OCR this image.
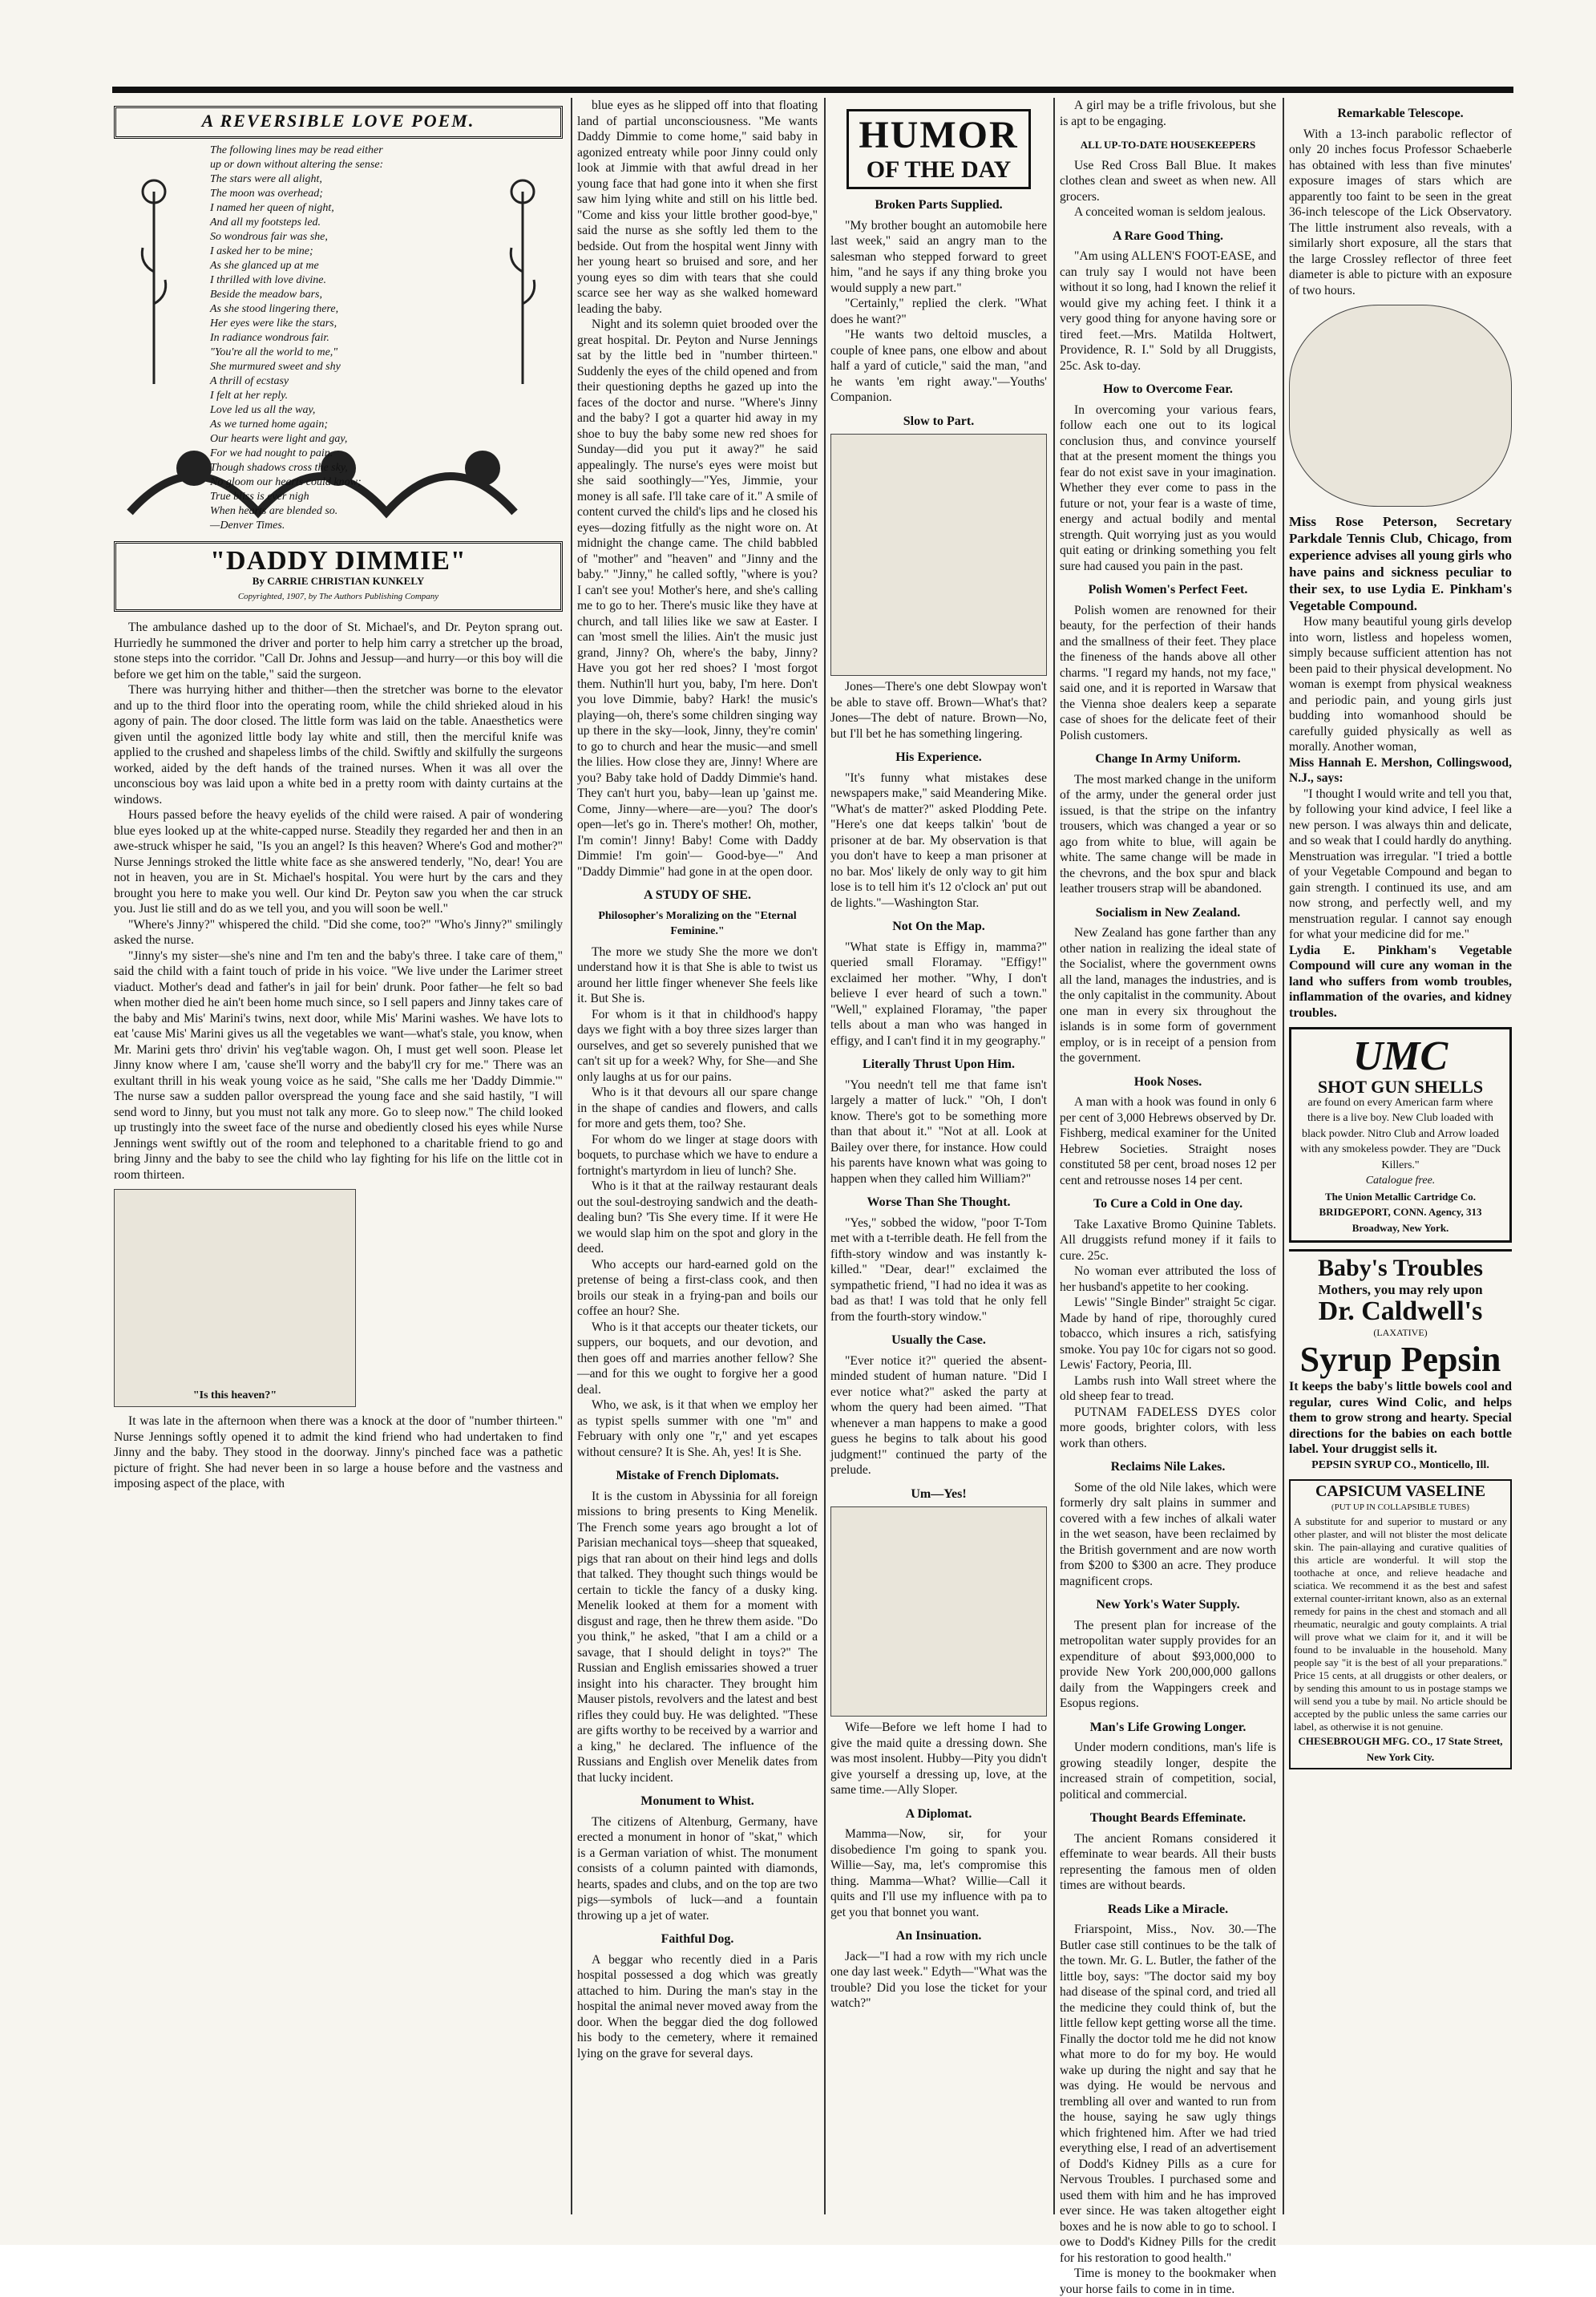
A REVERSIBLE LOVE POEM.
The following lines may be read either
up or down without altering the sense:
The stars were all alight,
The moon was overhead;
I named her queen of night,
And all my footsteps led.
So wondrous fair was she,
I asked her to be mine;
As she glanced up at me
I thrilled with love divine.
Beside the meadow bars,
As she stood lingering there,
Her eyes were like the stars,
In radiance wondrous fair.
"You're all the world to me,"
She murmured sweet and shy
A thrill of ecstasy
I felt at her reply.
Love led us all the way,
As we turned home again;
Our hearts were light and gay,
For we had nought to pain.
Though shadows cross the sky,
No gloom our hearts could know;
True bliss is ever nigh
When hearts are blended so.
—Denver Times.
"DADDY DIMMIE"
By CARRIE CHRISTIAN KUNKELY
Copyrighted, 1907, by The Authors Publishing Company

The ambulance dashed up to the door of St. Michael's, and Dr. Peyton sprang out. Hurriedly he summoned the driver and porter to help him carry a stretcher up the broad, stone steps into the corridor. "Call Dr. Johns and Jessup—and hurry—or this boy will die before we get him on the table," said the surgeon.

There was hurrying hither and thither—then the stretcher was borne to the elevator and up to the third floor into the operating room, while the child shrieked aloud in his agony of pain. The door closed. The little form was laid on the table. Anaesthetics were given until the agonized little body lay white and still, then the merciful knife was applied to the crushed and shapeless limbs of the child. Swiftly and skilfully the surgeons worked, aided by the deft hands of the trained nurses. When it was all over the unconscious boy was laid upon a white bed in a pretty room with dainty curtains at the windows.

Hours passed before the heavy eyelids of the child were raised. A pair of wondering blue eyes looked up at the white-capped nurse. Steadily they regarded her and then in an awe-struck whisper he said, "Is you an angel? Is this heaven? Where's God and mother?" Nurse Jennings stroked the little white face as she answered tenderly, "No, dear! You are not in heaven, you are in St. Michael's hospital. You were hurt by the cars and they brought you here to make you well. Our kind Dr. Peyton saw you when the car struck you. Just lie still and do as we tell you, and you will soon be well."

"Where's Jinny?" whispered the child. "Did she come, too?" "Who's Jinny?" smilingly asked the nurse.

"Jinny's my sister—she's nine and I'm ten and the baby's three. I take care of them," said the child with a faint touch of pride in his voice. "We live under the Larimer street viaduct. Mother's dead and father's in jail for bein' drunk. Poor father—he felt so bad when mother died he ain't been home much since, so I sell papers and Jinny takes care of the baby and Mis' Marini's twins, next door, while Mis' Marini washes. We have lots to eat 'cause Mis' Marini gives us all the vegetables we want—what's stale, you know, when Mr. Marini gets thro' drivin' his veg'table wagon. Oh, I must get well soon. Please let Jinny know where I am, 'cause she'll worry and the baby'll cry for me." There was an exultant thrill in his weak young voice as he said, "She calls me her 'Daddy Dimmie.'" The nurse saw a sudden pallor overspread the young face and she said hastily, "I will send word to Jinny, but you must not talk any more. Go to sleep now." The child looked up trustingly into the sweet face of the nurse and obediently closed his eyes while Nurse Jennings went swiftly out of the room and telephoned to a charitable friend to go and bring Jinny and the baby to see the child who lay fighting for his life on the little cot in room thirteen.

"Is this heaven?"

It was late in the afternoon when there was a knock at the door of "number thirteen." Nurse Jennings softly opened it to admit the kind friend who had undertaken to find Jinny and the baby. They stood in the doorway. Jinny's pinched face was a pathetic picture of fright. She had never been in so large a house before and the vastness and imposing aspect of the place, with

blue eyes as he slipped off into that floating land of partial unconsciousness. "Me wants Daddy Dimmie to come home," said baby in agonized entreaty while poor Jinny could only look at Jimmie with that awful dread in her young face that had gone into it when she first saw him lying white and still on his little bed. "Come and kiss your little brother good-bye," said the nurse as she softly led them to the bedside. Out from the hospital went Jinny with her young heart so bruised and sore, and her young eyes so dim with tears that she could scarce see her way as she walked homeward leading the baby.

Night and its solemn quiet brooded over the great hospital. Dr. Peyton and Nurse Jennings sat by the little bed in "number thirteen." Suddenly the eyes of the child opened and from their questioning depths he gazed up into the faces of the doctor and nurse. "Where's Jinny and the baby? I got a quarter hid away in my shoe to buy the baby some new red shoes for Sunday—did you put it away?" he said appealingly. The nurse's eyes were moist but she said soothingly—"Yes, Jimmie, your money is all safe. I'll take care of it." A smile of content curved the child's lips and he closed his eyes—dozing fitfully as the night wore on. At midnight the change came. The child babbled of "mother" and "heaven" and "Jinny and the baby." "Jinny," he called softly, "where is you? I can't see you! Mother's here, and she's calling me to go to her. There's music like they have at church, and tall lilies like we saw at Easter. I can 'most smell the lilies. Ain't the music just grand, Jinny? Oh, where's the baby, Jinny? Have you got her red shoes? I 'most forgot them. Nuthin'll hurt you, baby, I'm here. Don't you love Dimmie, baby? Hark! the music's playing—oh, there's some children singing way up there in the sky—look, Jinny, they're comin' to go to church and hear the music—and smell the lilies. How close they are, Jinny! Where are you? Baby take hold of Daddy Dimmie's hand. They can't hurt you, baby—lean up 'gainst me. Come, Jinny—where—are—you? The door's open—let's go in. There's mother! Oh, mother, I'm comin'! Jinny! Baby! Come with Daddy Dimmie! I'm goin'— Good-bye—" And "Daddy Dimmie" had gone in at the open door.

A STUDY OF SHE.
Philosopher's Moralizing on the "Eternal Feminine."

The more we study She the more we don't understand how it is that She is able to twist us around her little finger whenever She feels like it. But She is.

For whom is it that in childhood's happy days we fight with a boy three sizes larger than ourselves, and get so severely punished that we can't sit up for a week? Why, for She—and She only laughs at us for our pains.

Who is it that devours all our spare change in the shape of candies and flowers, and calls for more and gets them, too? She.

For whom do we linger at stage doors with boquets, to purchase which we have to endure a fortnight's martyrdom in lieu of lunch? She.

Who is it that at the railway restaurant deals out the soul-destroying sandwich and the death-dealing bun? 'Tis She every time. If it were He we would slap him on the spot and glory in the deed.

Who accepts our hard-earned gold on the pretense of being a first-class cook, and then broils our steak in a frying-pan and boils our coffee an hour? She.

Who is it that accepts our theater tickets, our suppers, our boquets, and our devotion, and then goes off and marries another fellow? She—and for this we ought to forgive her a good deal.

Who, we ask, is it that when we employ her as typist spells summer with one "m" and February with only one "r," and yet escapes without censure? It is She. Ah, yes! It is She.

Mistake of French Diplomats.

It is the custom in Abyssinia for all foreign missions to bring presents to King Menelik. The French some years ago brought a lot of Parisian mechanical toys—sheep that squeaked, pigs that ran about on their hind legs and dolls that talked. They thought such things would be certain to tickle the fancy of a dusky king. Menelik looked at them for a moment with disgust and rage, then he threw them aside. "Do you think," he asked, "that I am a child or a savage, that I should delight in toys?" The Russian and English emissaries showed a truer insight into his character. They brought him Mauser pistols, revolvers and the latest and best rifles they could buy. He was delighted. "These are gifts worthy to be received by a warrior and a king," he declared. The influence of the Russians and English over Menelik dates from that lucky incident.

Monument to Whist.

The citizens of Altenburg, Germany, have erected a monument in honor of "skat," which is a German variation of whist. The monument consists of a column painted with diamonds, hearts, spades and clubs, and on the top are two pigs—symbols of luck—and a fountain throwing up a jet of water.

Faithful Dog.

A beggar who recently died in a Paris hospital possessed a dog which was greatly attached to him. During the man's stay in the hospital the animal never moved away from the door. When the beggar died the dog followed his body to the cemetery, where it remained lying on the grave for several days.

HUMOR
OF THE DAY
Broken Parts Supplied.

"My brother bought an automobile here last week," said an angry man to the salesman who stepped forward to greet him, "and he says if any thing broke you would supply a new part."

"Certainly," replied the clerk. "What does he want?"

"He wants two deltoid muscles, a couple of knee pans, one elbow and about half a yard of cuticle," said the man, "and he wants 'em right away."—Youths' Companion.

Slow to Part.

Jones—There's one debt Slowpay won't be able to stave off. Brown—What's that? Jones—The debt of nature. Brown—No, but I'll bet he has something lingering.

His Experience.

"It's funny what mistakes dese newspapers make," said Meandering Mike. "What's de matter?" asked Plodding Pete. "Here's one dat keeps talkin' 'bout de prisoner at de bar. My observation is that you don't have to keep a man prisoner at no bar. Mos' likely de only way to git him lose is to tell him it's 12 o'clock an' put out de lights."—Washington Star.

Not On the Map.

"What state is Effigy in, mamma?" queried small Floramay. "Effigy!" exclaimed her mother. "Why, I don't believe I ever heard of such a town." "Well," explained Floramay, "the paper tells about a man who was hanged in effigy, and I can't find it in my geography."

Literally Thrust Upon Him.

"You needn't tell me that fame isn't largely a matter of luck." "Oh, I don't know. There's got to be something more than that about it." "Not at all. Look at Bailey over there, for instance. How could his parents have known what was going to happen when they called him William?"

Worse Than She Thought.

"Yes," sobbed the widow, "poor T-Tom met with a t-terrible death. He fell from the fifth-story window and was instantly k-killed." "Dear, dear!" exclaimed the sympathetic friend, "I had no idea it was as bad as that! I was told that he only fell from the fourth-story window."

Usually the Case.

"Ever notice it?" queried the absent-minded student of human nature. "Did I ever notice what?" asked the party at whom the query had been aimed. "That whenever a man happens to make a good guess he begins to talk about his good judgment!" continued the party of the prelude.

Um—Yes!

Wife—Before we left home I had to give the maid quite a dressing down. She was most insolent. Hubby—Pity you didn't give yourself a dressing up, love, at the same time.—Ally Sloper.

A Diplomat.

Mamma—Now, sir, for your disobedience I'm going to spank you. Willie—Say, ma, let's compromise this thing. Mamma—What? Willie—Call it quits and I'll use my influence with pa to get you that bonnet you want.

An Insinuation.

Jack—"I had a row with my rich uncle one day last week." Edyth—"What was the trouble? Did you lose the ticket for your watch?"

A girl may be a trifle frivolous, but she is apt to be engaging.

ALL UP-TO-DATE HOUSEKEEPERS

Use Red Cross Ball Blue. It makes clothes clean and sweet as when new. All grocers.

A conceited woman is seldom jealous.

A Rare Good Thing.

"Am using ALLEN'S FOOT-EASE, and can truly say I would not have been without it so long, had I known the relief it would give my aching feet. I think it a very good thing for anyone having sore or tired feet.—Mrs. Matilda Holtwert, Providence, R. I." Sold by all Druggists, 25c. Ask to-day.

How to Overcome Fear.

In overcoming your various fears, follow each one out to its logical conclusion thus, and convince yourself that at the present moment the things you fear do not exist save in your imagination. Whether they ever come to pass in the future or not, your fear is a waste of time, energy and actual bodily and mental strength. Quit worrying just as you would quit eating or drinking something you felt sure had caused you pain in the past.

Polish Women's Perfect Feet.

Polish women are renowned for their beauty, for the perfection of their hands and the smallness of their feet. They place the fineness of the hands above all other charms. "I regard my hands, not my face," said one, and it is reported in Warsaw that the Vienna shoe dealers keep a separate case of shoes for the delicate feet of their Polish customers.

Change In Army Uniform.

The most marked change in the uniform of the army, under the general order just issued, is that the stripe on the infantry trousers, which was changed a year or so ago from white to blue, will again be white. The same change will be made in the chevrons, and the box spur and black leather trousers strap will be abandoned.

Socialism in New Zealand.

New Zealand has gone farther than any other nation in realizing the ideal state of the Socialist, where the government owns all the land, manages the industries, and is the only capitalist in the community. About one man in every six throughout the islands is in some form of government employ, or is in receipt of a pension from the government.

Hook Noses.

A man with a hook was found in only 6 per cent of 3,000 Hebrews observed by Dr. Fishberg, medical examiner for the United Hebrew Societies. Straight noses constituted 58 per cent, broad noses 12 per cent and retrousse noses 14 per cent.

To Cure a Cold in One day.

Take Laxative Bromo Quinine Tablets. All druggists refund money if it fails to cure. 25c.

No woman ever attributed the loss of her husband's appetite to her cooking.

Lewis' "Single Binder" straight 5c cigar. Made by hand of ripe, thoroughly cured tobacco, which insures a rich, satisfying smoke. You pay 10c for cigars not so good. Lewis' Factory, Peoria, Ill.

Lambs rush into Wall street where the old sheep fear to tread.

PUTNAM FADELESS DYES color more goods, brighter colors, with less work than others.

Reclaims Nile Lakes.

Some of the old Nile lakes, which were formerly dry salt plains in summer and covered with a few inches of alkali water in the wet season, have been reclaimed by the British government and are now worth from $200 to $300 an acre. They produce magnificent crops.

New York's Water Supply.

The present plan for increase of the metropolitan water supply provides for an expenditure of about $93,000,000 to provide New York 200,000,000 gallons daily from the Wappingers creek and Esopus regions.

Man's Life Growing Longer.

Under modern conditions, man's life is growing steadily longer, despite the increased strain of competition, social, political and commercial.

Thought Beards Effeminate.

The ancient Romans considered it effeminate to wear beards. All their busts representing the famous men of olden times are without beards.

Reads Like a Miracle.

Friarspoint, Miss., Nov. 30.—The Butler case still continues to be the talk of the town. Mr. G. L. Butler, the father of the little boy, says: "The doctor said my boy had disease of the spinal cord, and tried all the medicine they could think of, but the little fellow kept getting worse all the time. Finally the doctor told me he did not know what more to do for my boy. He would wake up during the night and say that he was dying. He would be nervous and trembling all over and wanted to run from the house, saying he saw ugly things which frightened him. After we had tried everything else, I read of an advertisement of Dodd's Kidney Pills as a cure for Nervous Troubles. I purchased some and used them with him and he has improved ever since. He was taken altogether eight boxes and he is now able to go to school. I owe to Dodd's Kidney Pills for the credit for his restoration to good health."

Time is money to the bookmaker when your horse fails to come in in time.

Remarkable Telescope.

With a 13-inch parabolic reflector of only 20 inches focus Professor Schaeberle has obtained with less than five minutes' exposure images of stars which are apparently too faint to be seen in the great 36-inch telescope of the Lick Observatory. The little instrument also reveals, with a similarly short exposure, all the stars that the large Crossley reflector of three feet diameter is able to picture with an exposure of two hours.

Miss Rose Peterson, Secretary Parkdale Tennis Club, Chicago, from experience advises all young girls who have pains and sickness peculiar to their sex, to use Lydia E. Pinkham's Vegetable Compound.

How many beautiful young girls develop into worn, listless and hopeless women, simply because sufficient attention has not been paid to their physical development. No woman is exempt from physical weakness and periodic pain, and young girls just budding into womanhood should be carefully guided physically as well as morally. Another woman,

Miss Hannah E. Mershon, Collingswood, N.J., says:

"I thought I would write and tell you that, by following your kind advice, I feel like a new person. I was always thin and delicate, and so weak that I could hardly do anything. Menstruation was irregular. "I tried a bottle of your Vegetable Compound and began to gain strength. I continued its use, and am now strong, and perfectly well, and my menstruation regular. I cannot say enough for what your medicine did for me."

Lydia E. Pinkham's Vegetable Compound will cure any woman in the land who suffers from womb troubles, inflammation of the ovaries, and kidney troubles.
UMC
SHOT GUN SHELLS
are found on every American farm where there is a live boy. New Club loaded with black powder. Nitro Club and Arrow loaded with any smokeless powder. They are "Duck Killers."
Catalogue free.
The Union Metallic Cartridge Co. BRIDGEPORT, CONN. Agency, 313 Broadway, New York.
Baby's Troubles
Mothers, you may rely upon
Dr. Caldwell's
(LAXATIVE)
Syrup Pepsin
It keeps the baby's little bowels cool and regular, cures Wind Colic, and helps them to grow strong and hearty. Special directions for the babies on each bottle label. Your druggist sells it.
PEPSIN SYRUP CO., Monticello, Ill.
CAPSICUM VASELINE
(PUT UP IN COLLAPSIBLE TUBES)
A substitute for and superior to mustard or any other plaster, and will not blister the most delicate skin. The pain-allaying and curative qualities of this article are wonderful. It will stop the toothache at once, and relieve headache and sciatica. We recommend it as the best and safest external counter-irritant known, also as an external remedy for pains in the chest and stomach and all rheumatic, neuralgic and gouty complaints. A trial will prove what we claim for it, and it will be found to be invaluable in the household. Many people say "it is the best of all your preparations." Price 15 cents, at all druggists or other dealers, or by sending this amount to us in postage stamps we will send you a tube by mail. No article should be accepted by the public unless the same carries our label, as otherwise it is not genuine.
CHESEBROUGH MFG. CO., 17 State Street, New York City.
